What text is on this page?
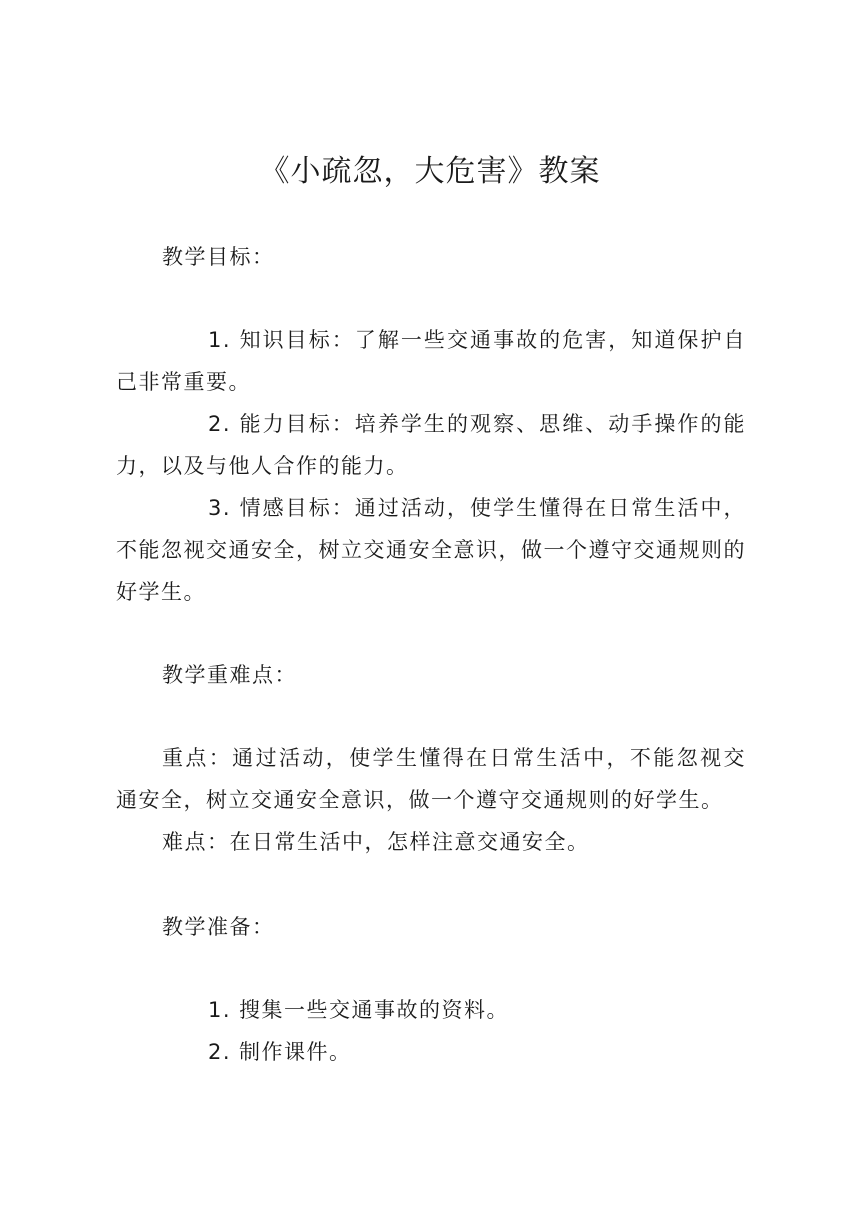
《小疏忽，大危害》教案

教学目标：

1. 知识目标：了解一些交通事故的危害，知道保护自己非常重要。

2. 能力目标：培养学生的观察、思维、动手操作的能力，以及与他人合作的能力。

3. 情感目标：通过活动，使学生懂得在日常生活中，不能忽视交通安全，树立交通安全意识，做一个遵守交通规则的好学生。

教学重难点：

重点：通过活动，使学生懂得在日常生活中，不能忽视交通安全，树立交通安全意识，做一个遵守交通规则的好学生。

难点：在日常生活中，怎样注意交通安全。

教学准备：

1. 搜集一些交通事故的资料。

2. 制作课件。
